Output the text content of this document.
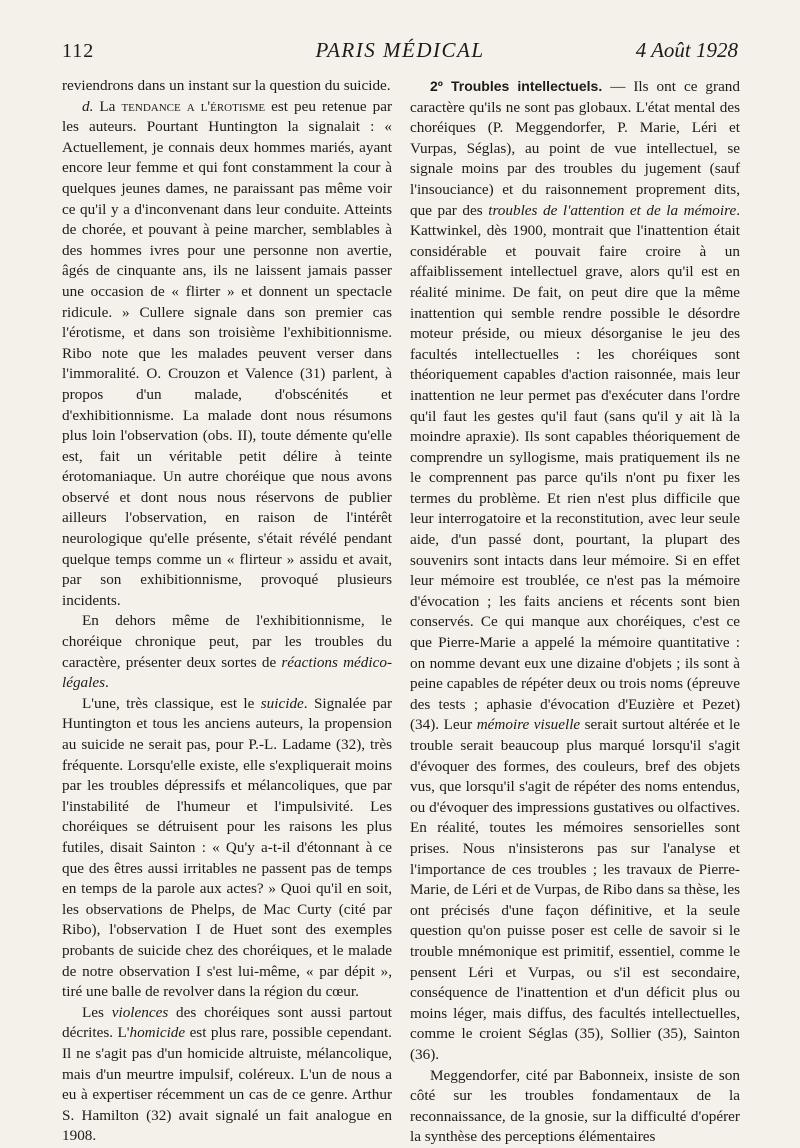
112	PARIS MÉDICAL	4 Août 1928

reviendrons dans un instant sur la question du suicide.

d. La tendance a l'érotisme est peu retenue par les auteurs. Pourtant Huntington la signalait : « Actuellement, je connais deux hommes mariés, ayant encore leur femme et qui font constamment la cour à quelques jeunes dames, ne paraissant pas même voir ce qu'il y a d'inconvenant dans leur conduite. Atteints de chorée, et pouvant à peine marcher, semblables à des hommes ivres pour une personne non avertie, âgés de cinquante ans, ils ne laissent jamais passer une occasion de « flirter » et donnent un spectacle ridicule. » Cullere signale dans son premier cas l'érotisme, et dans son troisième l'exhibitionnisme. Ribo note que les malades peuvent verser dans l'immoralité. O. Crouzon et Valence (31) parlent, à propos d'un malade, d'obscénités et d'exhibitionnisme. La malade dont nous résumons plus loin l'observation (obs. II), toute démente qu'elle est, fait un véritable petit délire à teinte érotomaniaque. Un autre choréique que nous avons observé et dont nous nous réservons de publier ailleurs l'observation, en raison de l'intérêt neurologique qu'elle présente, s'était révélé pendant quelque temps comme un « flirteur » assidu et avait, par son exhibitionnisme, provoqué plusieurs incidents.

En dehors même de l'exhibitionnisme, le choréique chronique peut, par les troubles du caractère, présenter deux sortes de réactions médico-légales.

L'une, très classique, est le suicide. Signalée par Huntington et tous les anciens auteurs, la propension au suicide ne serait pas, pour P.-L. Ladame (32), très fréquente. Lorsqu'elle existe, elle s'expliquerait moins par les troubles dépressifs et mélancoliques, que par l'instabilité de l'humeur et l'impulsivité. Les choréiques se détruisent pour les raisons les plus futiles, disait Sainton : « Qu'y a-t-il d'étonnant à ce que des êtres aussi irritables ne passent pas de temps en temps de la parole aux actes? » Quoi qu'il en soit, les observations de Phelps, de Mac Curty (cité par Ribo), l'observation I de Huet sont des exemples probants de suicide chez des choréiques, et le malade de notre observation I s'est lui-même, « par dépit », tiré une balle de revolver dans la région du cœur.

Les violences des choréiques sont aussi partout décrites. L'homicide est plus rare, possible cependant. Il ne s'agit pas d'un homicide altruiste, mélancolique, mais d'un meurtre impulsif, coléreux. L'un de nous a eu à expertiser récemment un cas de ce genre. Arthur S. Hamilton (32) avait signalé un fait analogue en 1908.

2º Troubles intellectuels. — Ils ont ce grand caractère qu'ils ne sont pas globaux. L'état mental des choréiques (P. Meggendorfer, P. Marie, Léri et Vurpas, Séglas), au point de vue intellectuel, se signale moins par des troubles du jugement (sauf l'insouciance) et du raisonnement proprement dits, que par des troubles de l'attention et de la mémoire. Kattwinkel, dès 1900, montrait que l'inattention était considérable et pouvait faire croire à un affaiblissement intellectuel grave, alors qu'il est en réalité minime. De fait, on peut dire que la même inattention qui semble rendre possible le désordre moteur préside, ou mieux désorganise le jeu des facultés intellectuelles : les choréiques sont théoriquement capables d'action raisonnée, mais leur inattention ne leur permet pas d'exécuter dans l'ordre qu'il faut les gestes qu'il faut (sans qu'il y ait là la moindre apraxie). Ils sont capables théoriquement de comprendre un syllogisme, mais pratiquement ils ne le comprennent pas parce qu'ils n'ont pu fixer les termes du problème. Et rien n'est plus difficile que leur interrogatoire et la reconstitution, avec leur seule aide, d'un passé dont, pourtant, la plupart des souvenirs sont intacts dans leur mémoire. Si en effet leur mémoire est troublée, ce n'est pas la mémoire d'évocation ; les faits anciens et récents sont bien conservés. Ce qui manque aux choréiques, c'est ce que Pierre-Marie a appelé la mémoire quantitative : on nomme devant eux une dizaine d'objets ; ils sont à peine capables de répéter deux ou trois noms (épreuve des tests ; aphasie d'évocation d'Euzière et Pezet) (34). Leur mémoire visuelle serait surtout altérée et le trouble serait beaucoup plus marqué lorsqu'il s'agit d'évoquer des formes, des couleurs, bref des objets vus, que lorsqu'il s'agit de répéter des noms entendus, ou d'évoquer des impressions gustatives ou olfactives. En réalité, toutes les mémoires sensorielles sont prises. Nous n'insisterons pas sur l'analyse et l'importance de ces troubles ; les travaux de Pierre-Marie, de Léri et de Vurpas, de Ribo dans sa thèse, les ont précisés d'une façon définitive, et la seule question qu'on puisse poser est celle de savoir si le trouble mnémonique est primitif, essentiel, comme le pensent Léri et Vurpas, ou s'il est secondaire, conséquence de l'inattention et d'un déficit plus ou moins léger, mais diffus, des facultés intellectuelles, comme le croient Séglas (35), Sollier (35), Sainton (36).

Meggendorfer, cité par Babonneix, insiste de son côté sur les troubles fondamentaux de la reconnaissance, de la gnosie, sur la difficulté d'opérer la synthèse des perceptions élémentaires
